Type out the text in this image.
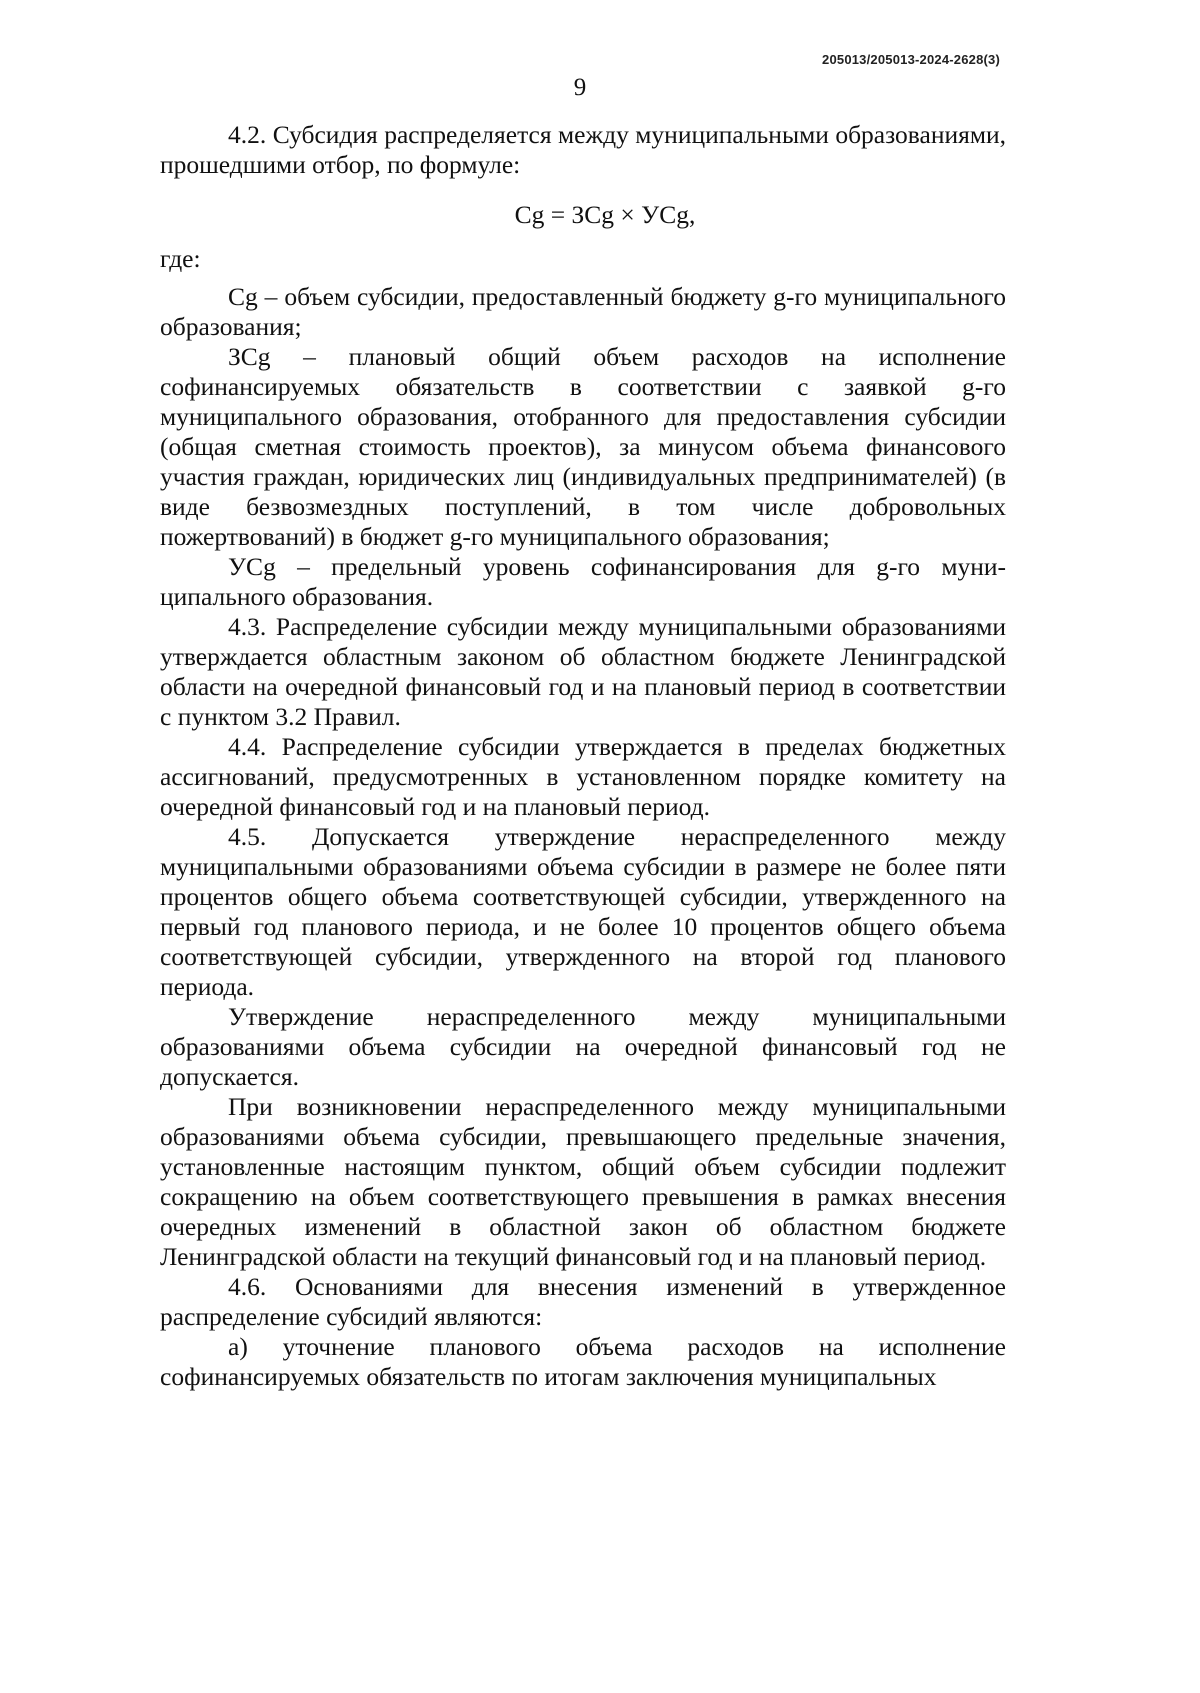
205013/205013-2024-2628(3)
9

4.2. Субсидия распределяется между муниципальными образованиями, прошедшими отбор, по формуле:

Cg = ЗCg × УCg,

где:

Cg – объем субсидии, предоставленный бюджету g-го муниципального образования;

ЗCg – плановый общий объем расходов на исполнение софинансируемых обязательств в соответствии с заявкой g-го муниципального образования, отобранного для предоставления субсидии (общая сметная стоимость проектов), за минусом объема финансового участия граждан, юридических лиц (индивидуальных предпринимателей) (в виде безвозмездных поступлений, в том числе добровольных пожертвований) в бюджет g-го муниципального образования;

УCg – предельный уровень софинансирования для g-го муни-ципального образования.

4.3. Распределение субсидии между муниципальными образованиями утверждается областным законом об областном бюджете Ленинградской области на очередной финансовый год и на плановый период в соответствии с пунктом 3.2 Правил.

4.4. Распределение субсидии утверждается в пределах бюджетных ассигнований, предусмотренных в установленном порядке комитету на очередной финансовый год и на плановый период.

4.5. Допускается утверждение нераспределенного между муниципальными образованиями объема субсидии в размере не более пяти процентов общего объема соответствующей субсидии, утвержденного на первый год планового периода, и не более 10 процентов общего объема соответствующей субсидии, утвержденного на второй год планового периода.

Утверждение нераспределенного между муниципальными образованиями объема субсидии на очередной финансовый год не допускается.

При возникновении нераспределенного между муниципальными образованиями объема субсидии, превышающего предельные значения, установленные настоящим пунктом, общий объем субсидии подлежит сокращению на объем соответствующего превышения в рамках внесения очередных изменений в областной закон об областном бюджете Ленинградской области на текущий финансовый год и на плановый период.

4.6. Основаниями для внесения изменений в утвержденное распределение субсидий являются:

а) уточнение планового объема расходов на исполнение софинансируемых обязательств по итогам заключения муниципальных
